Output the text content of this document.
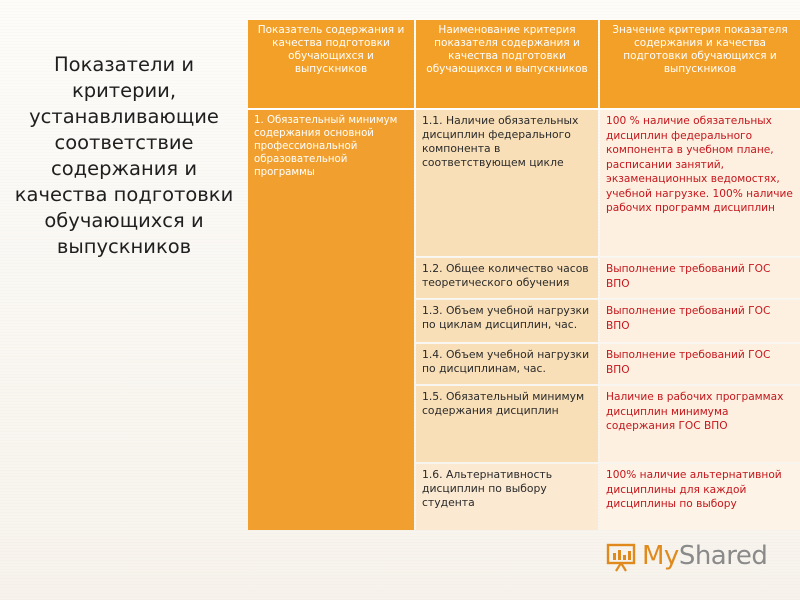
Показатели и критерии, устанавливающие соответствие содержания и качества подготовки обучающихся и выпускников
Показатель содержания и качества подготовки обучающихся и выпускников
Наименование критерия показателя содержания и качества подготовки обучающихся и выпускников
Значение критерия показателя содержания и качества подготовки обучающихся и выпускников
1. Обязательный минимум содержания основной профессиональной образовательной программы
1.1. Наличие обязательных дисциплин федерального компонента в соответствующем цикле
100 % наличие обязательных дисциплин федерального компонента в учебном плане, расписании занятий, экзаменационных ведомостях, учебной нагрузке. 100% наличие рабочих программ дисциплин
1.2. Общее количество часов теоретического обучения
Выполнение требований ГОС ВПО
1.3. Объем учебной нагрузки по циклам дисциплин, час.
Выполнение требований ГОС ВПО
1.4. Объем учебной нагрузки по дисциплинам, час.
Выполнение требований ГОС ВПО
1.5. Обязательный минимум содержания дисциплин
Наличие в рабочих программах дисциплин минимума содержания ГОС ВПО
1.6. Альтернативность дисциплин по выбору студента
100% наличие альтернативной дисциплины для каждой дисциплины по выбору
MyShared
